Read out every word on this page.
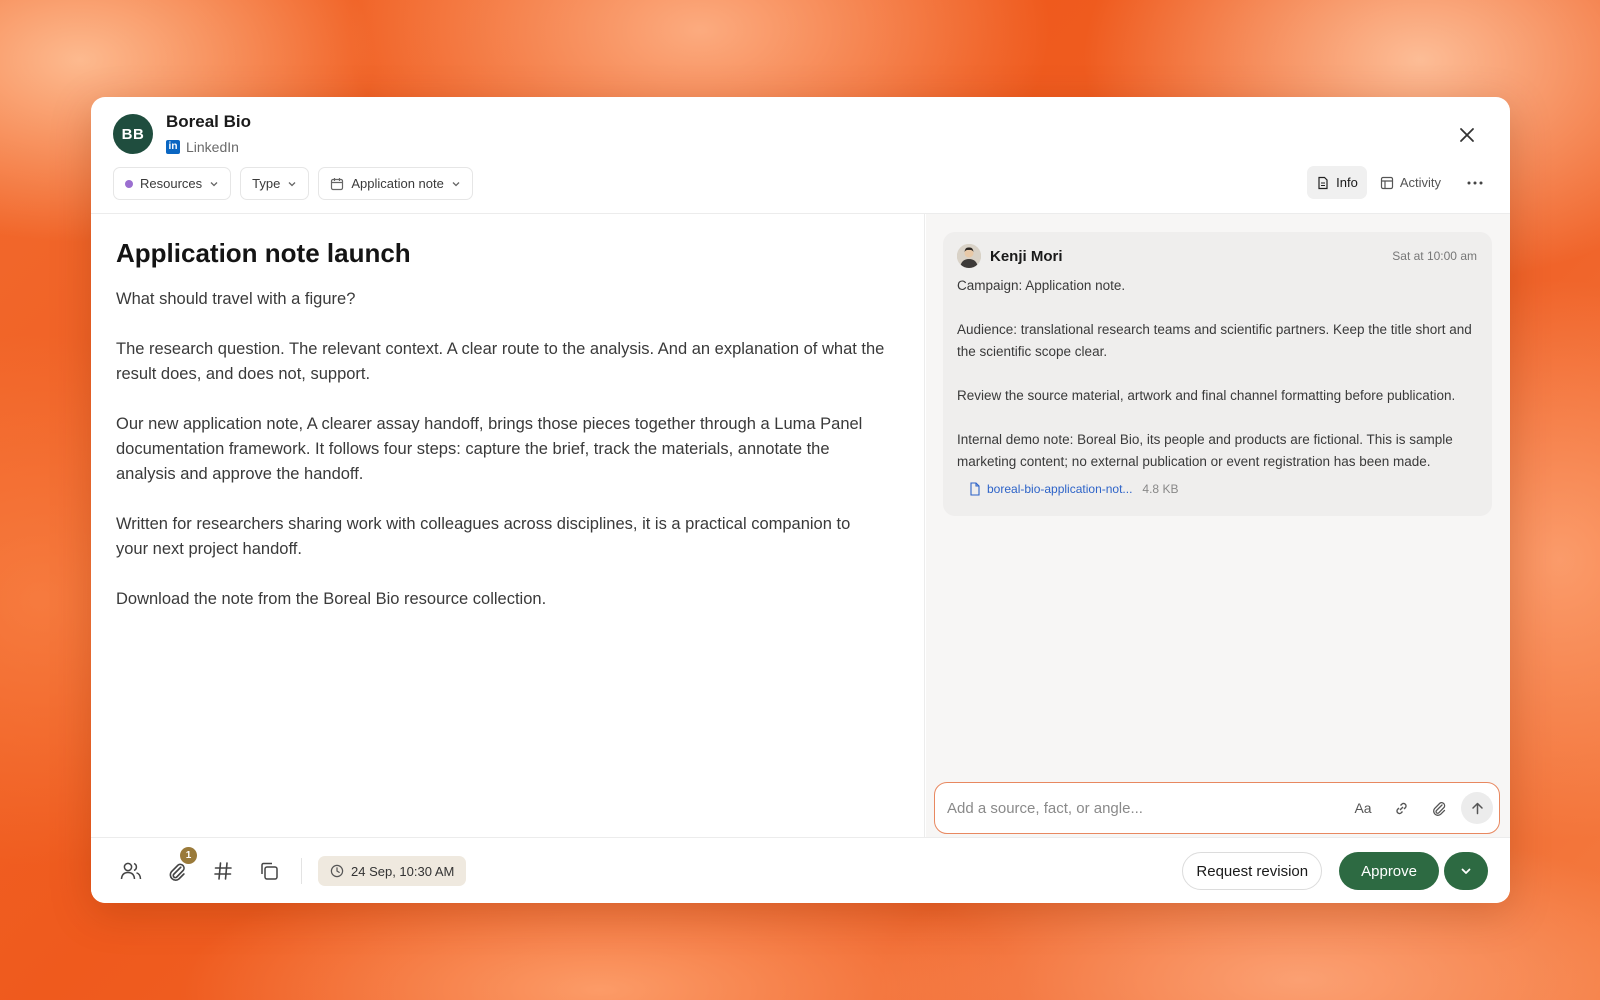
BB
Boreal Bio
in LinkedIn
Resources	Type	Application note	Info	Activity
Application note launch

What should travel with a figure?

The research question. The relevant context. A clear route to the analysis. And an explanation of what the result does, and does not, support.

Our new application note, A clearer assay handoff, brings those pieces together through a Luma Panel documentation framework. It follows four steps: capture the brief, track the materials, annotate the analysis and approve the handoff.

Written for researchers sharing work with colleagues across disciplines, it is a practical companion to your next project handoff.

Download the note from the Boreal Bio resource collection.

Kenji Mori	Sat at 10:00 am

Campaign: Application note.

Audience: translational research teams and scientific partners. Keep the title short and the scientific scope clear.

Review the source material, artwork and final channel formatting before publication.

Internal demo note: Boreal Bio, its people and products are fictional. This is sample marketing content; no external publication or event registration has been made.

boreal-bio-application-not... 4.8 KB
Add a source, fact, or angle...
Aa
1
24 Sep, 10:30 AM	Request revision	Approve
